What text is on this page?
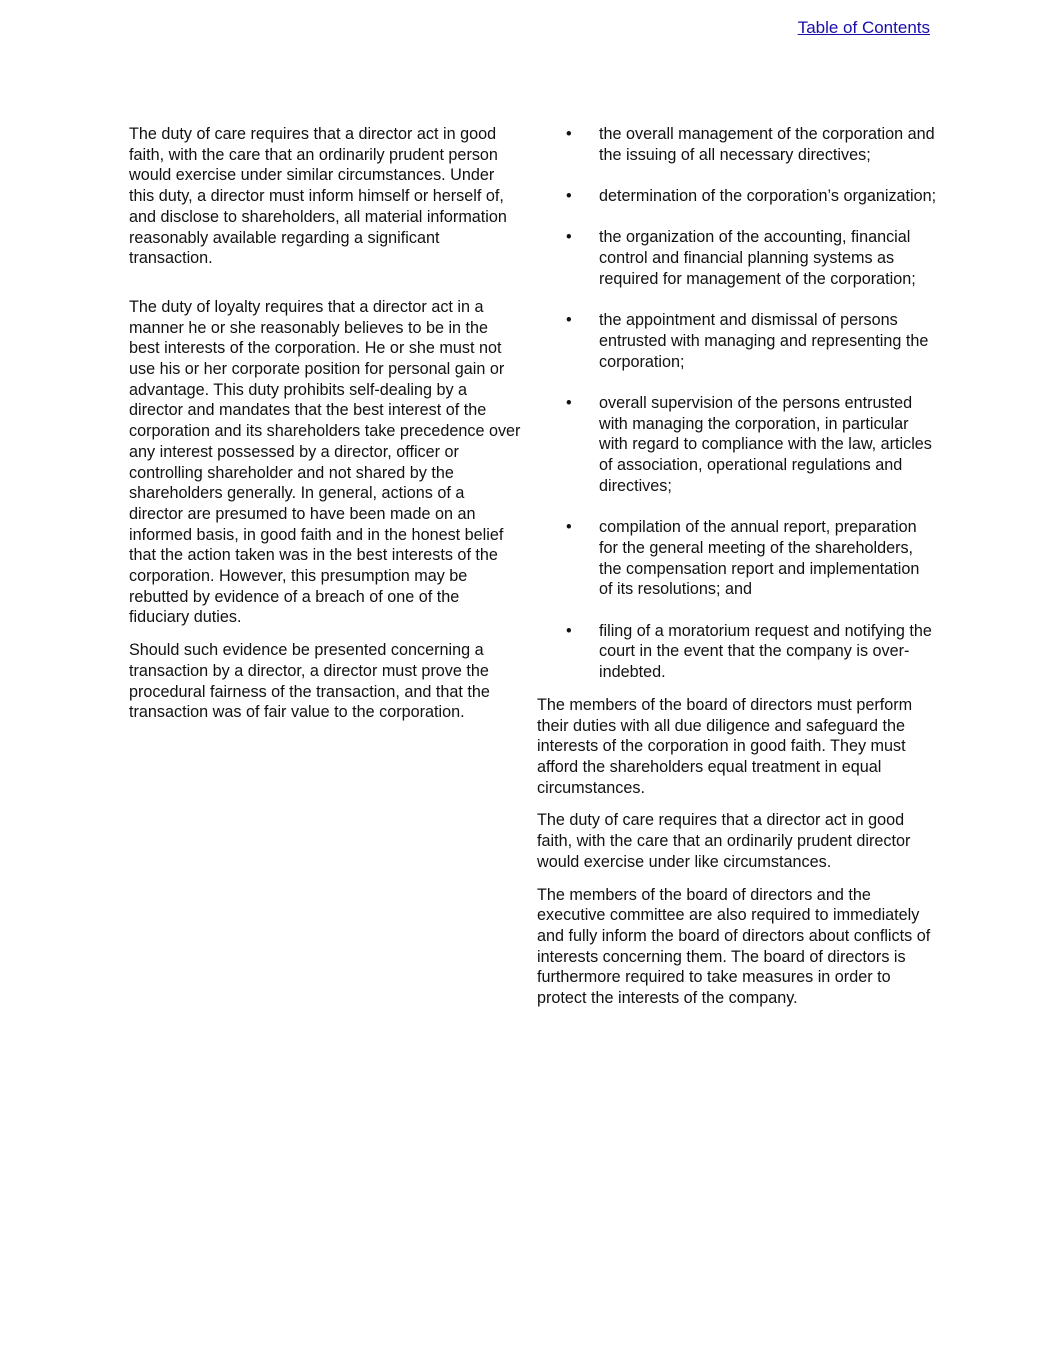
Table of Contents

The duty of care requires that a director act in good faith, with the care that an ordinarily prudent person would exercise under similar circumstances. Under this duty, a director must inform himself or herself of, and disclose to shareholders, all material information reasonably available regarding a significant transaction.

The duty of loyalty requires that a director act in a manner he or she reasonably believes to be in the best interests of the corporation. He or she must not use his or her corporate position for personal gain or advantage. This duty prohibits self-dealing by a director and mandates that the best interest of the corporation and its shareholders take precedence over any interest possessed by a director, officer or controlling shareholder and not shared by the shareholders generally. In general, actions of a director are presumed to have been made on an informed basis, in good faith and in the honest belief that the action taken was in the best interests of the corporation. However, this presumption may be rebutted by evidence of a breach of one of the fiduciary duties.

Should such evidence be presented concerning a transaction by a director, a director must prove the procedural fairness of the transaction, and that the transaction was of fair value to the corporation.

• the overall management of the corporation and the issuing of all necessary directives;
• determination of the corporation’s organization;
• the organization of the accounting, financial control and financial planning systems as required for management of the corporation;
• the appointment and dismissal of persons entrusted with managing and representing the corporation;
• overall supervision of the persons entrusted with managing the corporation, in particular with regard to compliance with the law, articles of association, operational regulations and directives;
• compilation of the annual report, preparation for the general meeting of the shareholders, the compensation report and implementation of its resolutions; and
• filing of a moratorium request and notifying the court in the event that the company is over-indebted.

The members of the board of directors must perform their duties with all due diligence and safeguard the interests of the corporation in good faith. They must afford the shareholders equal treatment in equal circumstances.

The duty of care requires that a director act in good faith, with the care that an ordinarily prudent director would exercise under like circumstances.

The members of the board of directors and the executive committee are also required to immediately and fully inform the board of directors about conflicts of interests concerning them. The board of directors is furthermore required to take measures in order to protect the interests of the company.
